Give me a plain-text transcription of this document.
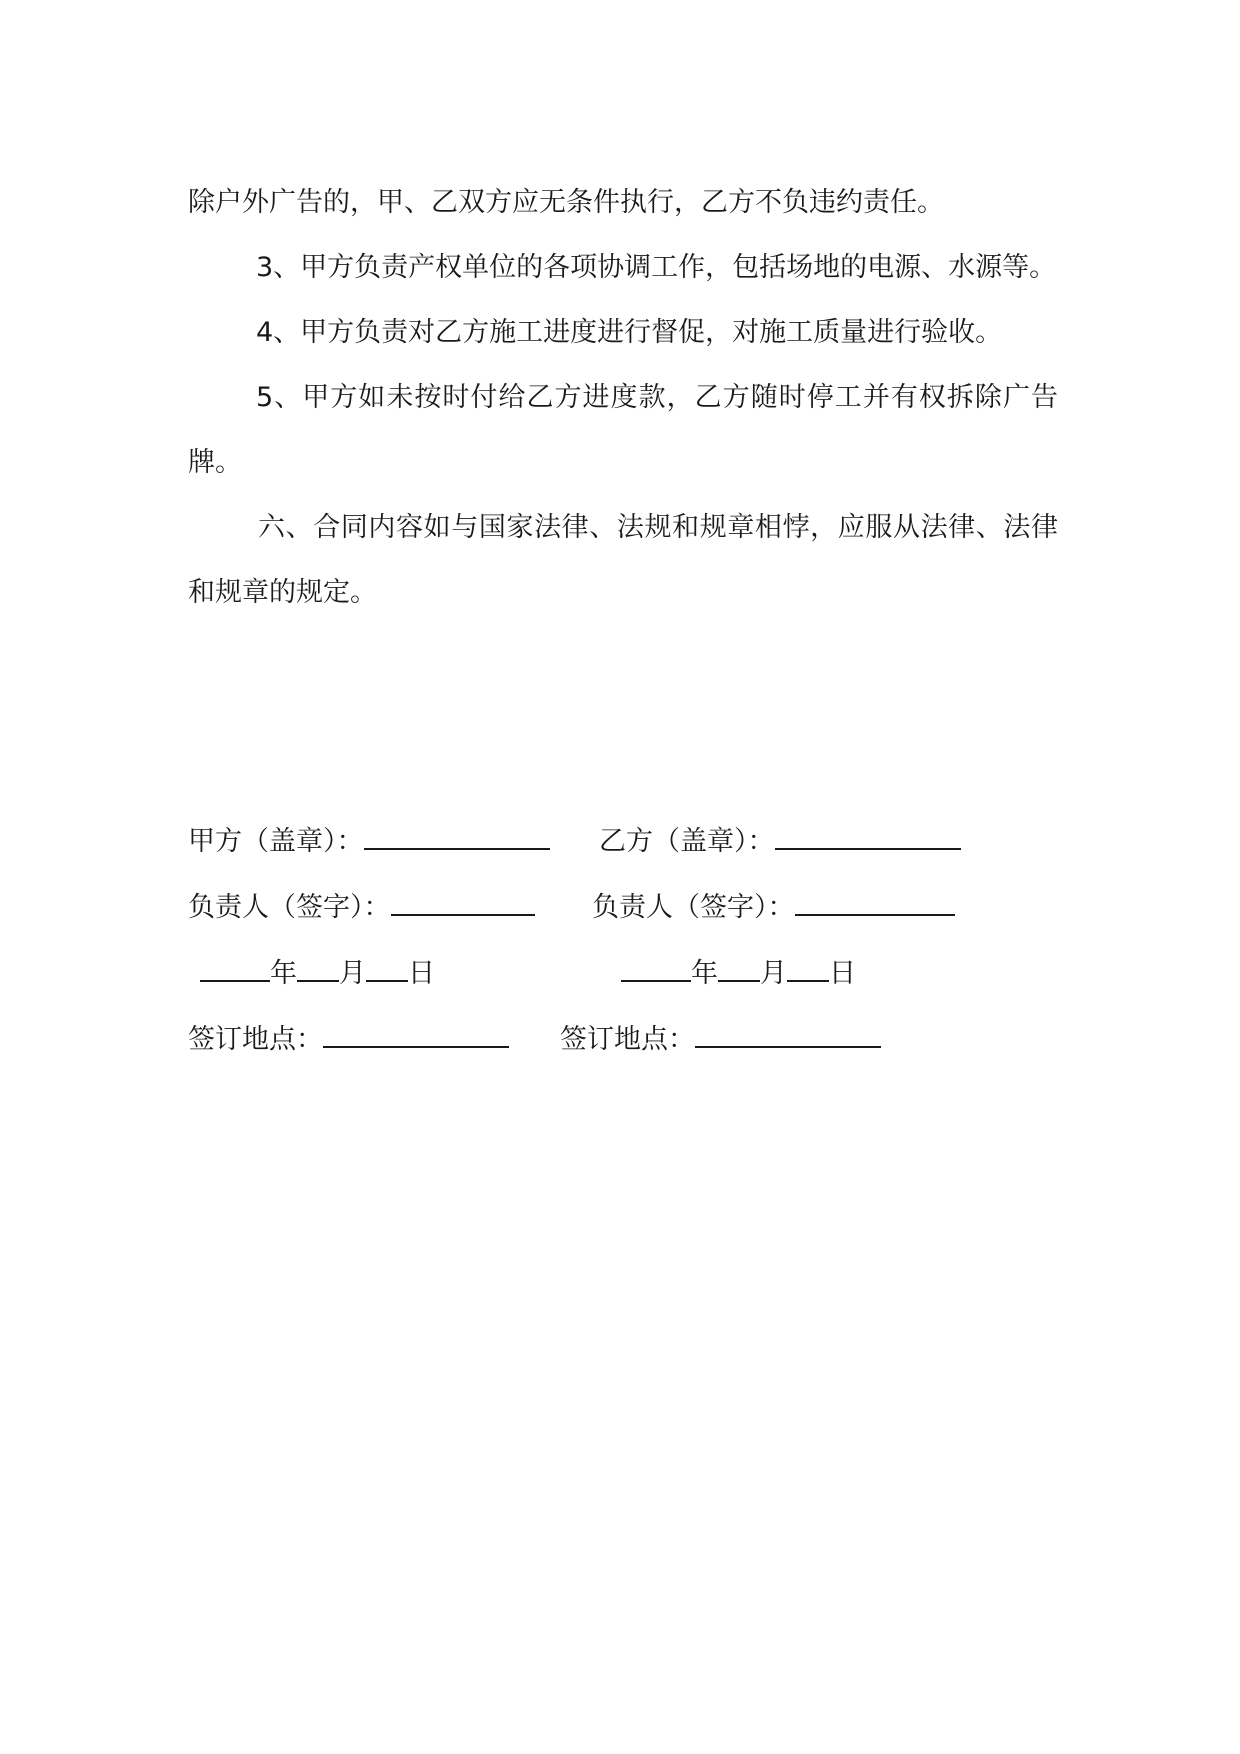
除户外广告的，甲、乙双方应无条件执行，乙方不负违约责任。

3、甲方负责产权单位的各项协调工作，包括场地的电源、水源等。

4、甲方负责对乙方施工进度进行督促，对施工质量进行验收。

5、甲方如未按时付给乙方进度款，乙方随时停工并有权拆除广告牌。

六、合同内容如与国家法律、法规和规章相悖，应服从法律、法律和规章的规定。

甲方（盖章）：	乙方（盖章）：
负责人（签字）：	负责人（签字）：
年 月 日	年 月 日
签订地点：	签订地点：
